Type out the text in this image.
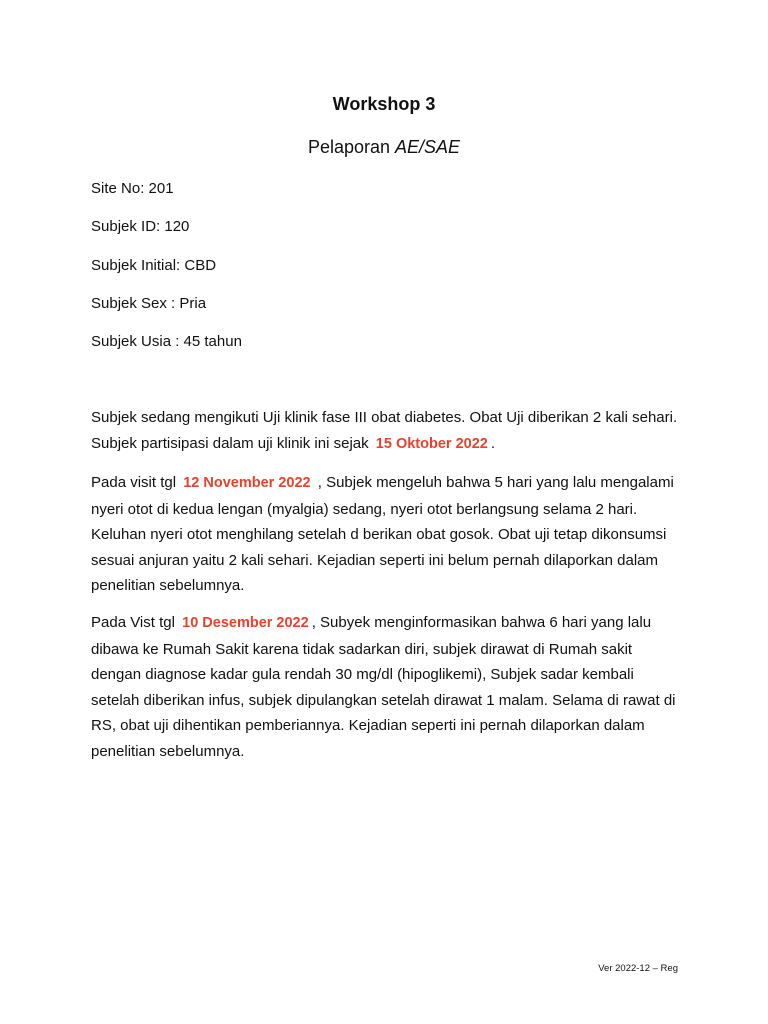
Workshop 3
Pelaporan AE/SAE
Site No: 201
Subjek ID: 120
Subjek Initial: CBD
Subjek Sex : Pria
Subjek Usia : 45 tahun
Subjek sedang mengikuti Uji klinik fase III obat diabetes. Obat Uji diberikan 2 kali sehari. Subjek partisipasi dalam uji klinik ini sejak 15 Oktober 2022 .
Pada visit tgl 12 November 2022 , Subjek mengeluh bahwa 5 hari yang lalu mengalami nyeri otot di kedua lengan (myalgia) sedang, nyeri otot berlangsung selama 2 hari. Keluhan nyeri otot menghilang setelah d berikan obat gosok. Obat uji tetap dikonsumsi sesuai anjuran yaitu 2 kali sehari. Kejadian seperti ini belum pernah dilaporkan dalam penelitian sebelumnya.
Pada Vist tgl 10 Desember 2022 , Subyek menginformasikan bahwa 6 hari yang lalu dibawa ke Rumah Sakit karena tidak sadarkan diri, subjek dirawat di Rumah sakit dengan diagnose kadar gula rendah 30 mg/dl (hipoglikemi), Subjek sadar kembali setelah diberikan infus, subjek dipulangkan setelah dirawat 1 malam. Selama di rawat di RS, obat uji dihentikan pemberiannya. Kejadian seperti ini pernah dilaporkan dalam penelitian sebelumnya.
Ver 2022-12 – Reg
